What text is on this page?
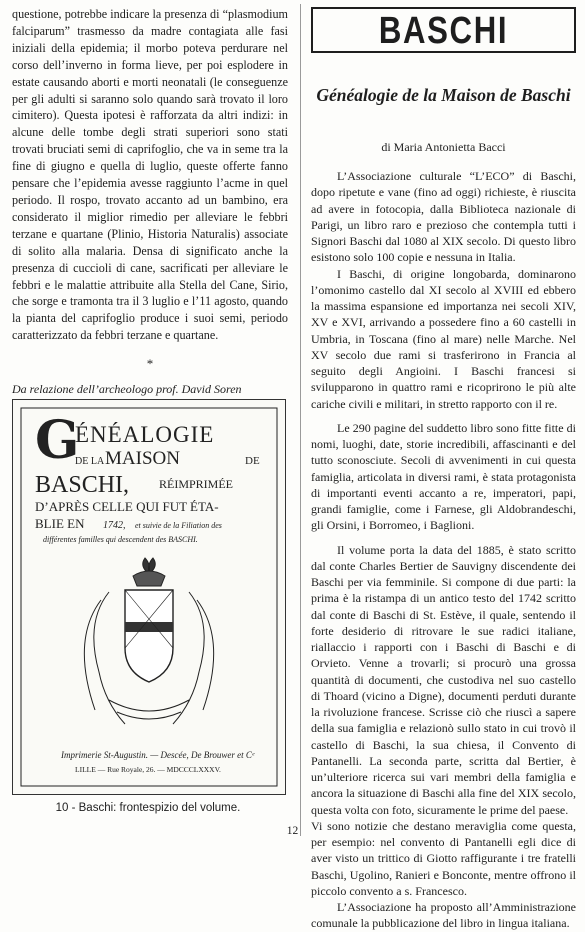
questione, potrebbe indicare la presenza di “plasmodium falciparum” trasmesso da madre contagiata alle fasi iniziali della epidemia; il morbo poteva perdurare nel corso dell’inverno in forma lieve, per poi esplodere in estate causando aborti e morti neonatali (le conseguenze per gli adulti si saranno solo quando sarà trovato il loro cimitero). Questa ipotesi è rafforzata da altri indizi: in alcune delle tombe degli strati superiori sono stati trovati bruciati semi di caprifoglio, che va in seme tra la fine di giugno e quella di luglio, queste offerte fanno pensare che l’epidemia avesse raggiunto l’acme in quel periodo. Il rospo, trovato accanto ad un bambino, era considerato il miglior rimedio per alleviare le febbri terzane e quartane (Plinio, Historia Naturalis) associate di solito alla malaria. Densa di significato anche la presenza di cuccioli di cane, sacrificati per alleviare le febbri e le malattie attribuite alla Stella del Cane, Sirio, che sorge e tramonta tra il 3 luglio e l’11 agosto, quando la pianta del caprifoglio produce i suoi semi, periodo caratterizzato da febbri terzane e quartane.

*

Da relazione dell’archeologo prof. David Soren

G
ÉNÉALOGIE
DE LA MAISON	DE
BASCHI, RÉIMPRIMÉE
D’APRÈS CELLE QUI FUT ÉTA-
BLIE EN 1742, et suivie de la Filiation des
différentes familles qui descendent des BASCHI.
Imprimerie St-Augustin. — Descée, De Brouwer et Cᵉ
LILLE — Rue Royale, 26. — MDCCCLXXXV.
10 - Baschi: frontespizio del volume.
BASCHI
Généalogie de la Maison de Baschi

di Maria Antonietta Bacci

L’Associazione culturale “L’ECO” di Baschi, dopo ripetute e vane (fino ad oggi) richieste, è riuscita ad avere in fotocopia, dalla Biblioteca nazionale di Parigi, un libro raro e prezioso che contempla tutti i Signori Baschi dal 1080 al XIX secolo. Di questo libro esistono solo 100 copie e nessuna in Italia.

I Baschi, di origine longobarda, dominarono l’omonimo castello dal XI secolo al XVIII ed ebbero la massima espansione ed importanza nei secoli XIV, XV e XVI, arrivando a possedere fino a 60 castelli in Umbria, in Toscana (fino al mare) nelle Marche. Nel XV secolo due rami si trasferirono in Francia al seguito degli Angioini. I Baschi francesi si svilupparono in quattro rami e ricoprirono le più alte cariche civili e militari, in stretto rapporto con il re.

Le 290 pagine del suddetto libro sono fitte fitte di nomi, luoghi, date, storie incredibili, affascinanti e del tutto sconosciute. Secoli di avvenimenti in cui questa famiglia, articolata in diversi rami, è stata protagonista di importanti eventi accanto a re, imperatori, papi, grandi famiglie, come i Farnese, gli Aldobrandeschi, gli Orsini, i Borromeo, i Baglioni.

Il volume porta la data del 1885, è stato scritto dal conte Charles Bertier de Sauvigny discendente dei Baschi per via femminile. Si compone di due parti: la prima è la ristampa di un antico testo del 1742 scritto dal conte di Baschi di St. Estève, il quale, sentendo il forte desiderio di ritrovare le sue radici italiane, riallaccio i rapporti con i Baschi di Baschi e di Orvieto. Venne a trovarli; si procurò una grossa quantità di documenti, che custodiva nel suo castello di Thoard (vicino a Digne), documenti perduti durante la rivoluzione francese. Scrisse ciò che riuscì a sapere della sua famiglia e relazionò sullo stato in cui trovò il castello di Baschi, la sua chiesa, il Convento di Pantanelli. La seconda parte, scritta dal Bertier, è un’ulteriore ricerca sui vari membri della famiglia e ancora la situazione di Baschi alla fine del XIX secolo, questa volta con foto, sicuramente le prime del paese.

Vi sono notizie che destano meraviglia come questa, per esempio: nel convento di Pantanelli egli dice di aver visto un trittico di Giotto raffigurante i tre fratelli Baschi, Ugolino, Ranieri e Bonconte, mentre offrono il piccolo convento a s. Francesco.

L’Associazione ha proposto all’Amministrazione comunale la pubblicazione del libro in lingua italiana.

12
